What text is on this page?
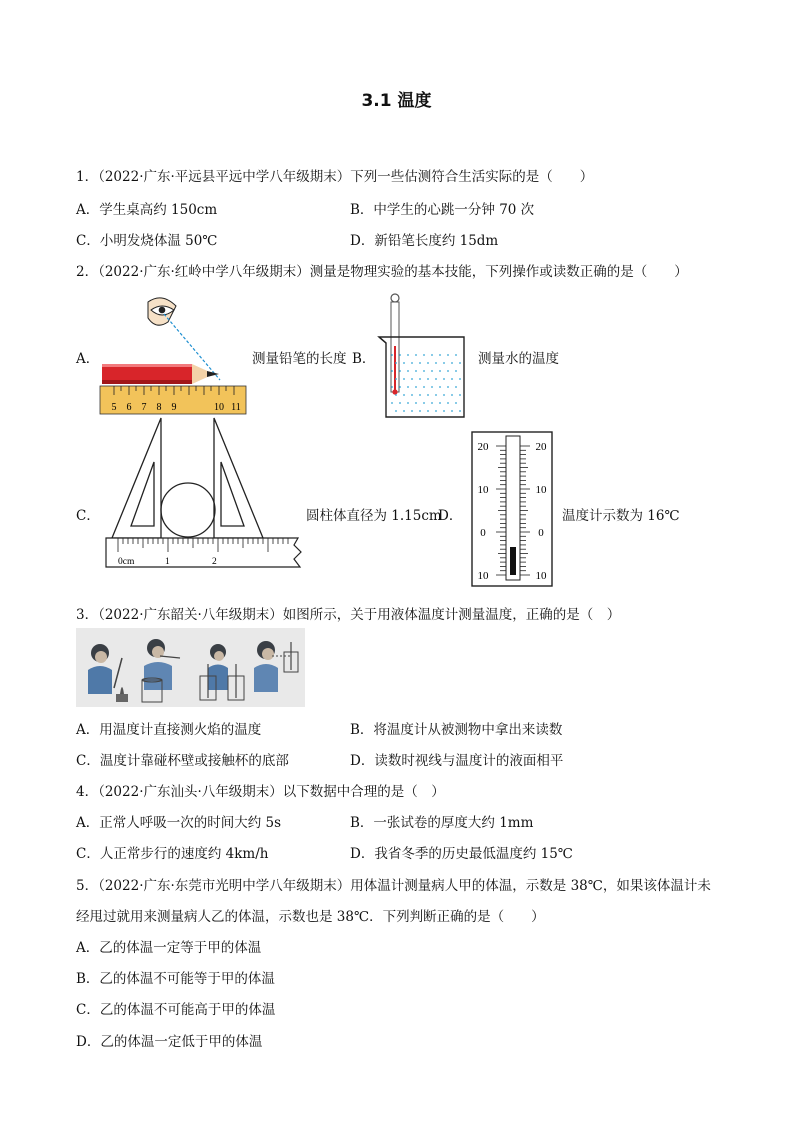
3.1 温度
1．（2022·广东·平远县平远中学八年级期末）下列一些估测符合生活实际的是（　　）
A．学生桌高约 150cm	B．中学生的心跳一分钟 70 次
C．小明发烧体温 50℃	D．新铅笔长度约 15dm
2．（2022·广东·红岭中学八年级期末）测量是物理实验的基本技能，下列操作或读数正确的是（　　）
A．
5 6 7 8 9	10 11
测量铅笔的长度 B．	测量水的温度
C．
0cm	1	2
圆柱体直径为 1.15cm
D．
20
10
0
10
20
10
0
10
温度计示数为 16℃
3．（2022·广东韶关·八年级期末）如图所示，关于用液体温度计测量温度，正确的是（　）
A．用温度计直接测火焰的温度	B．将温度计从被测物中拿出来读数
C．温度计靠碰杯壁或接触杯的底部	D．读数时视线与温度计的液面相平
4．（2022·广东汕头·八年级期末）以下数据中合理的是（　）
A．正常人呼吸一次的时间大约 5s	B．一张试卷的厚度大约 1mm
C．人正常步行的速度约 4km/h	D．我省冬季的历史最低温度约 15℃
5．（2022·广东·东莞市光明中学八年级期末）用体温计测量病人甲的体温，示数是 38℃，如果该体温计未
经甩过就用来测量病人乙的体温，示数也是 38℃．下列判断正确的是（　　）
A．乙的体温一定等于甲的体温
B．乙的体温不可能等于甲的体温
C．乙的体温不可能高于甲的体温
D．乙的体温一定低于甲的体温
